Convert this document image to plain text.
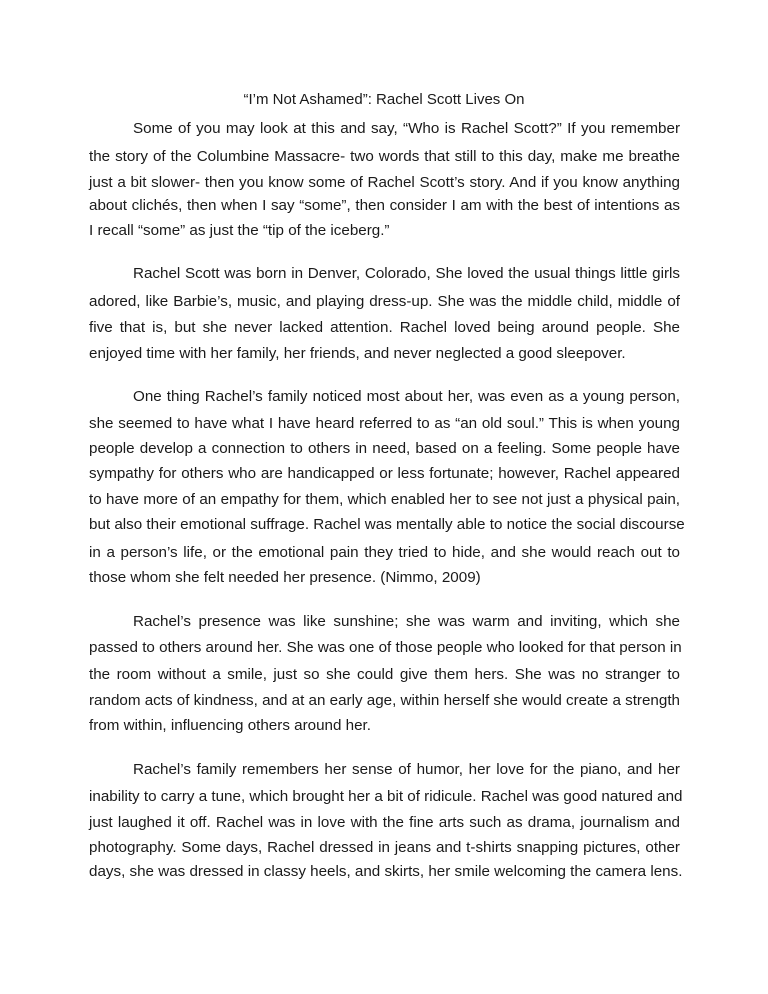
“I’m Not Ashamed”: Rachel Scott Lives On
Some of you may look at this and say, “Who is Rachel Scott?” If you remember
the story of the Columbine Massacre- two words that still to this day, make me breathe
just a bit slower- then you know some of Rachel Scott’s story. And if you know anything
about clichés, then when I say “some”, then consider I am with the best of intentions as
I recall “some” as just the “tip of the iceberg.”
Rachel Scott was born in Denver, Colorado, She loved the usual things little girls
adored, like Barbie’s, music, and playing dress-up. She was the middle child, middle of
five that is, but she never lacked attention. Rachel loved being around people. She
enjoyed time with her family, her friends, and never neglected a good sleepover.
One thing Rachel’s family noticed most about her, was even as a young person,
she seemed to have what I have heard referred to as “an old soul.” This is when young
people develop a connection to others in need, based on a feeling. Some people have
sympathy for others who are handicapped or less fortunate; however, Rachel appeared
to have more of an empathy for them, which enabled her to see not just a physical pain,
but also their emotional suffrage. Rachel was mentally able to notice the social discourse
in a person’s life, or the emotional pain they tried to hide, and she would reach out to
those whom she felt needed her presence. (Nimmo, 2009)
Rachel’s presence was like sunshine; she was warm and inviting, which she
passed to others around her. She was one of those people who looked for that person in
the room without a smile, just so she could give them hers. She was no stranger to
random acts of kindness, and at an early age, within herself she would create a strength
from within, influencing others around her.
Rachel’s family remembers her sense of humor, her love for the piano, and her
inability to carry a tune, which brought her a bit of ridicule. Rachel was good natured and
just laughed it off. Rachel was in love with the fine arts such as drama, journalism and
photography. Some days, Rachel dressed in jeans and t-shirts snapping pictures, other
days, she was dressed in classy heels, and skirts, her smile welcoming the camera lens.
